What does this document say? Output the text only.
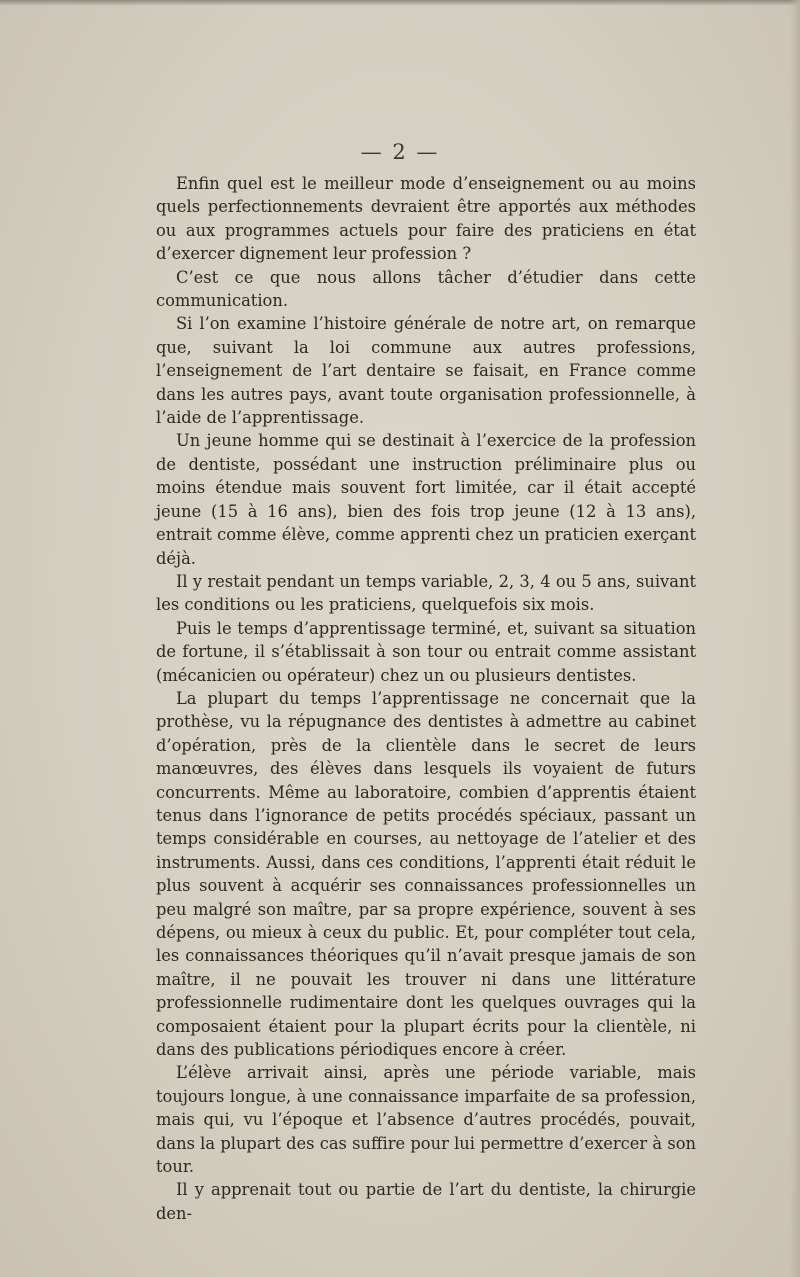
— 2 —

Enfin quel est le meilleur mode d’enseignement ou au moins quels perfectionnements devraient être apportés aux méthodes ou aux programmes actuels pour faire des praticiens en état d’exercer dignement leur profession ?

C’est ce que nous allons tâcher d’étudier dans cette communication.

Si l’on examine l’histoire générale de notre art, on remarque que, suivant la loi commune aux autres professions, l’enseignement de l’art dentaire se faisait, en France comme dans les autres pays, avant toute organisation professionnelle, à l’aide de l’apprentissage.

Un jeune homme qui se destinait à l’exercice de la profession de dentiste, possédant une instruction préliminaire plus ou moins étendue mais souvent fort limitée, car il était accepté jeune (15 à 16 ans), bien des fois trop jeune (12 à 13 ans), entrait comme élève, comme apprenti chez un praticien exerçant déjà.

Il y restait pendant un temps variable, 2, 3, 4 ou 5 ans, suivant les conditions ou les praticiens, quelquefois six mois.

Puis le temps d’apprentissage terminé, et, suivant sa situation de fortune, il s’établissait à son tour ou entrait comme assistant (mécanicien ou opérateur) chez un ou plusieurs dentistes.

La plupart du temps l’apprentissage ne concernait que la prothèse, vu la répugnance des dentistes à admettre au cabinet d’opération, près de la clientèle dans le secret de leurs manœuvres, des élèves dans lesquels ils voyaient de futurs concurrents. Même au laboratoire, combien d’apprentis étaient tenus dans l’ignorance de petits procédés spéciaux, passant un temps considérable en courses, au nettoyage de l’atelier et des instruments. Aussi, dans ces conditions, l’apprenti était réduit le plus souvent à acquérir ses connaissances professionnelles un peu malgré son maître, par sa propre expérience, souvent à ses dépens, ou mieux à ceux du public. Et, pour compléter tout cela, les connaissances théoriques qu’il n’avait presque jamais de son maître, il ne pouvait les trouver ni dans une littérature professionnelle rudimentaire dont les quelques ouvrages qui la composaient étaient pour la plupart écrits pour la clientèle, ni dans des publications périodiques encore à créer.

L’élève arrivait ainsi, après une période variable, mais toujours longue, à une connaissance imparfaite de sa profession, mais qui, vu l’époque et l’absence d’autres procédés, pouvait, dans la plupart des cas suffire pour lui permettre d’exercer à son tour.

Il y apprenait tout ou partie de l’art du dentiste, la chirurgie den-
